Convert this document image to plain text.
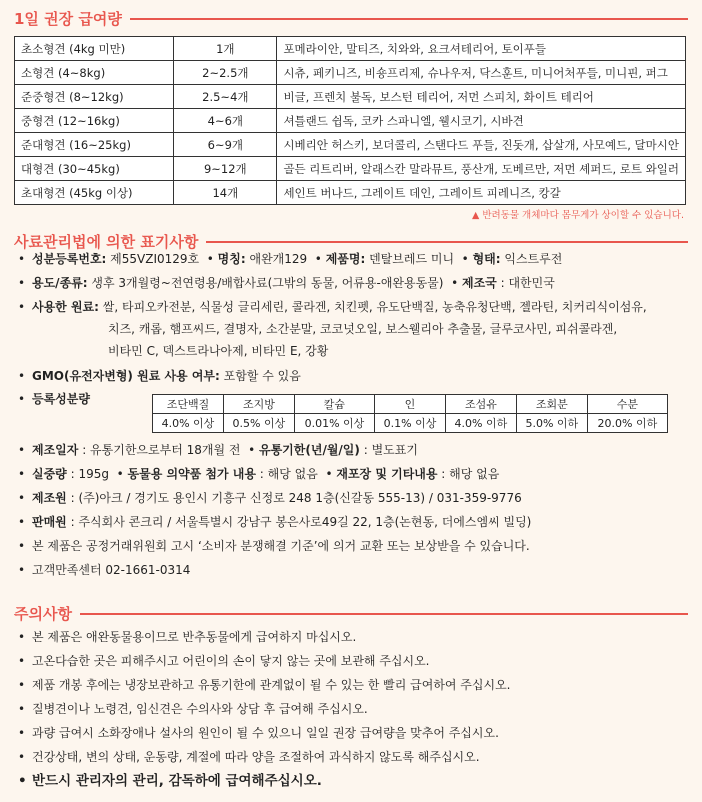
1일 권장 급여량
초소형견 (4kg 미만)	1개	포메라이안, 말티즈, 치와와, 요크셔테리어, 토이푸들
소형견 (4~8kg)	2~2.5개	시츄, 페키니즈, 비숑프리제, 슈나우저, 닥스훈트, 미니어처푸들, 미니핀, 퍼그
준중형견 (8~12kg)	2.5~4개	비글, 프렌치 불독, 보스턴 테리어, 저먼 스피치, 화이트 테리어
중형견 (12~16kg)	4~6개	셔틀랜드 쉽독, 코카 스파니엘, 웰시코기, 시바견
준대형견 (16~25kg)	6~9개	시베리안 허스키, 보더콜리, 스탠다드 푸들, 진돗개, 삽살개, 사모예드, 달마시안
대형견 (30~45kg)	9~12개	골든 리트리버, 알래스칸 말라뮤트, 풍산개, 도베르만, 저먼 셰퍼드, 로트 와일러
초대형견 (45kg 이상)	14개	세인트 버나드, 그레이트 데인, 그레이트 피레니즈, 캉갈
▲ 반려동물 개체마다 몸무게가 상이할 수 있습니다.
사료관리법에 의한 표기사항
• 성분등록번호: 제55VZI0129호  • 명칭: 애완개129  • 제품명: 덴탈브레드 미니  • 형태: 익스트루전
• 용도/종류: 생후 3개월령~전연령용/배합사료(그밖의 동물, 어류용-애완용동물)  • 제조국 : 대한민국
• 사용한 원료: 쌀, 타피오카전분, 식물성 글리세린, 콜라겐, 치킨펫, 유도단백질, 농축유청단백, 젤라틴, 치커리식이섬유,
치즈, 캐롭, 햄프씨드, 결명자, 소간분말, 코코넛오일, 보스웰리아 추출물, 글루코사민, 피쉬콜라겐,
비타민 C, 덱스트라나아제, 비타민 E, 강황
• GMO(유전자변형) 원료 사용 여부: 포함할 수 있음
• 등록성분량	조단백질	조지방	칼슘	인	조섬유	조회분	수분
4.0% 이상	0.5% 이상	0.01% 이상	0.1% 이상	4.0% 이하	5.0% 이하	20.0% 이하
• 제조일자 : 유통기한으로부터 18개월 전  • 유통기한(년/월/일) : 별도표기
• 실중량 : 195g  • 동물용 의약품 첨가 내용 : 해당 없음  • 재포장 및 기타내용 : 해당 없음
• 제조원 : (주)아크 / 경기도 용인시 기흥구 신정로 248 1층(신갈동 555-13) / 031-359-9776
• 판매원 : 주식회사 콘크리 / 서울특별시 강남구 봉은사로49길 22, 1층(논현동, 더에스엠씨 빌딩)
• 본 제품은 공정거래위원회 고시 ‘소비자 분쟁해결 기준’에 의거 교환 또는 보상받을 수 있습니다.
• 고객만족센터 02-1661-0314
주의사항
• 본 제품은 애완동물용이므로 반추동물에게 급여하지 마십시오.
• 고온다습한 곳은 피해주시고 어린이의 손이 닿지 않는 곳에 보관해 주십시오.
• 제품 개봉 후에는 냉장보관하고 유통기한에 관계없이 될 수 있는 한 빨리 급여하여 주십시오.
• 질병견이나 노령견, 임신견은 수의사와 상담 후 급여해 주십시오.
• 과량 급여시 소화장애나 설사의 원인이 될 수 있으니 일일 권장 급여량을 맞추어 주십시오.
• 건강상태, 변의 상태, 운동량, 계절에 따라 양을 조절하여 과식하지 않도록 해주십시오.
• 반드시 관리자의 관리, 감독하에 급여해주십시오.
